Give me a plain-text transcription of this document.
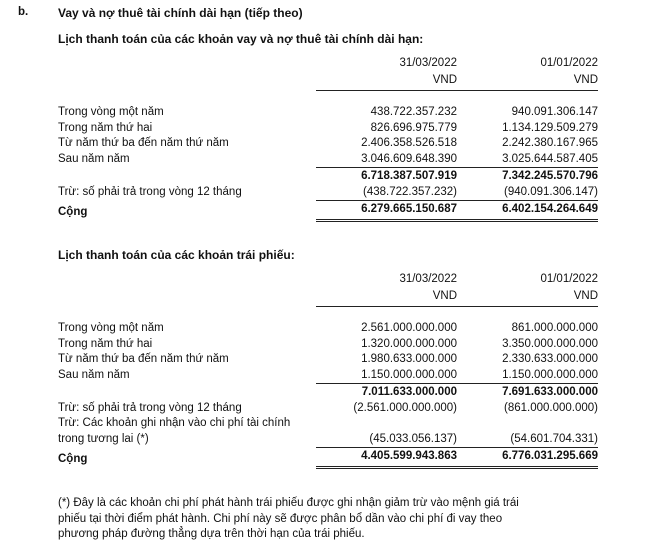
b.	Vay và nợ thuê tài chính dài hạn (tiếp theo)
Lịch thanh toán của các khoản vay và nợ thuê tài chính dài hạn:
	31/03/2022	01/01/2022
	VND	VND

Trong vòng một năm	438.722.357.232	940.091.306.147
Trong năm thứ hai	826.696.975.779	1.134.129.509.279
Từ năm thứ ba đến năm thứ năm	2.406.358.526.518	2.242.380.167.965
Sau năm năm	3.046.609.648.390	3.025.644.587.405
	6.718.387.507.919	7.342.245.570.796
Trừ: số phải trả trong vòng 12 tháng	(438.722.357.232)	(940.091.306.147)
Cộng	6.279.665.150.687	6.402.154.264.649
Lịch thanh toán của các khoản trái phiếu:
	31/03/2022	01/01/2022
	VND	VND

Trong vòng một năm	2.561.000.000.000	861.000.000.000
Trong năm thứ hai	1.320.000.000.000	3.350.000.000.000
Từ năm thứ ba đến năm thứ năm	1.980.633.000.000	2.330.633.000.000
Sau năm năm	1.150.000.000.000	1.150.000.000.000
	7.011.633.000.000	7.691.633.000.000
Trừ: số phải trả trong vòng 12 tháng	(2.561.000.000.000)	(861.000.000.000)
Trừ: Các khoản ghi nhận vào chi phí tài chính		
trong tương lai (*)	(45.033.056.137)	(54.601.704.331)
Cộng	4.405.599.943.863	6.776.031.295.669

(*) Đây là các khoản chi phí phát hành trái phiếu được ghi nhận giảm trừ vào mệnh giá trái

phiếu tại thời điểm phát hành. Chi phí này sẽ được phân bổ dần vào chi phí đi vay theo

phương pháp đường thẳng dựa trên thời hạn của trái phiếu.
